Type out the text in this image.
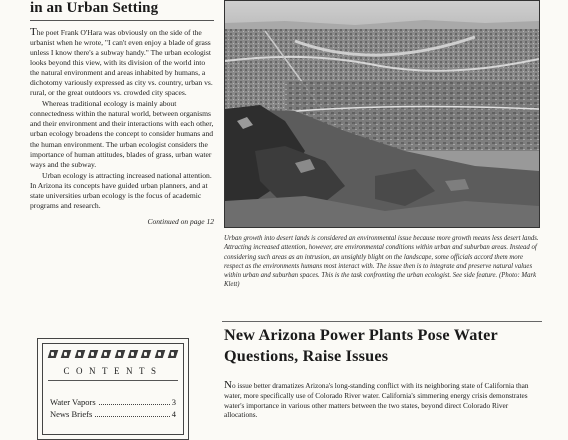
in an Urban Setting

The poet Frank O'Hara was obviously on the side of the urbanist when he wrote, "I can't even enjoy a blade of grass unless I know there's a subway handy." The urban ecologist looks beyond this view, with its division of the world into the natural environment and areas inhabited by humans, a dichotomy variously expressed as city vs. country, urban vs. rural, or the great outdoors vs. crowded city spaces.

Whereas traditional ecology is mainly about connectedness within the natural world, between organisms and their environment and their interactions with each other, urban ecology broadens the concept to consider humans and the human environment. The urban ecologist considers the importance of human attitudes, blades of grass, urban water ways and the subway.

Urban ecology is attracting increased national attention. In Arizona its concepts have guided urban planners, and at state universities urban ecology is the focus of academic programs and research.

Continued on page 12
CONTENTS
Water Vapors	3
News Briefs	4
Urban growth into desert lands is considered an environmental issue because more growth means less desert lands. Attracting increased attention, however, are environmental conditions within urban and suburban areas. Instead of considering such areas as an intrusion, an unsightly blight on the landscape, some officials accord them more respect as the environments humans most interact with. The issue then is to integrate and preserve natural values within urban and suburban spaces. This is the task confronting the urban ecologist. See side feature. (Photo: Mark Klett)
New Arizona Power Plants Pose Water Questions, Raise Issues
No issue better dramatizes Arizona's long-standing conflict with its neighboring state of California than water, more specifically use of Colorado River water. California's simmering energy crisis demonstrates water's importance in various other matters between the two states, beyond direct Colorado River allocations.
